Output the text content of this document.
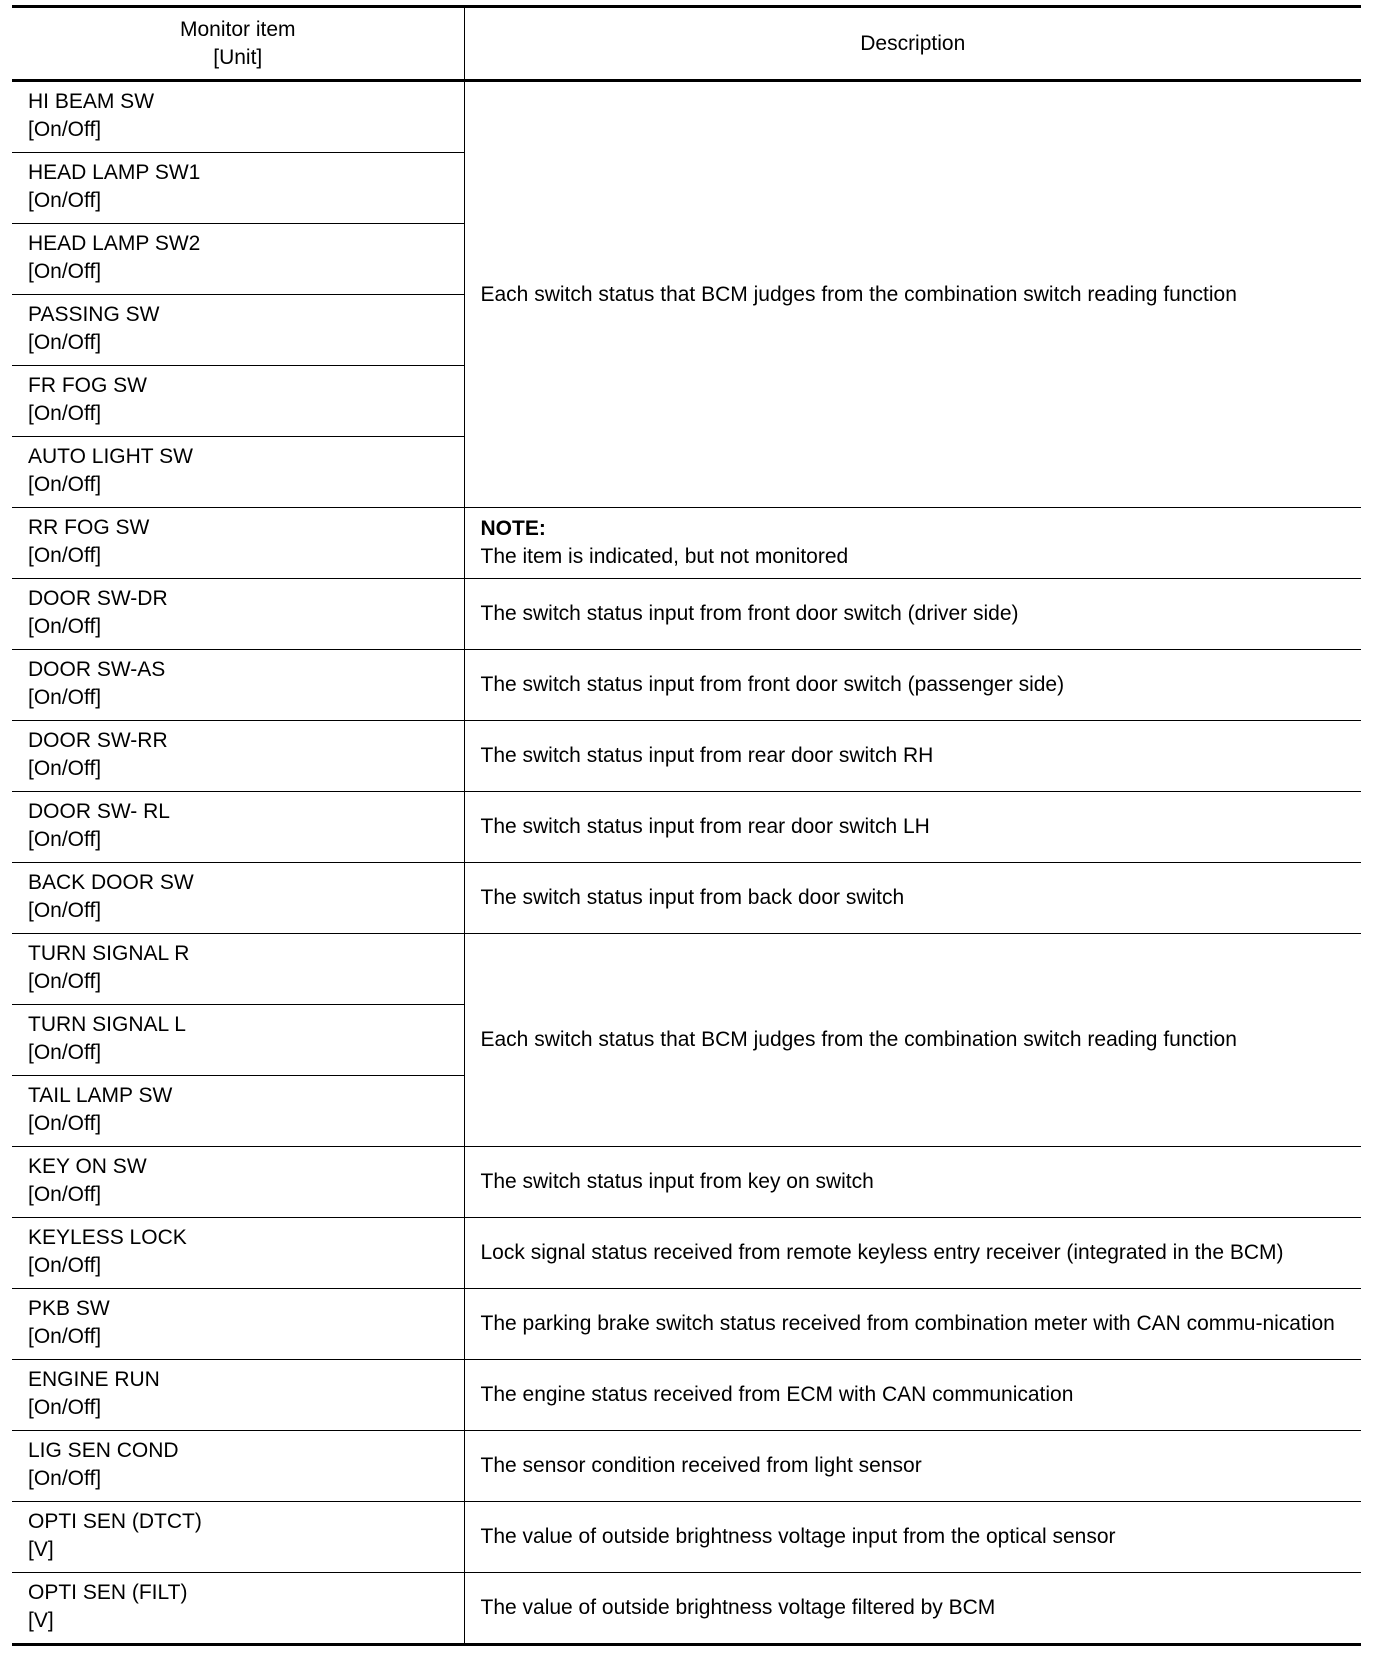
Monitor item
[Unit]	Description
HI BEAM SW
[On/Off]	Each switch status that BCM judges from the combination switch reading function
HEAD LAMP SW1
[On/Off]	
HEAD LAMP SW2
[On/Off]	
PASSING SW
[On/Off]	
FR FOG SW
[On/Off]	
AUTO LIGHT SW
[On/Off]	
RR FOG SW
[On/Off]	NOTE:
The item is indicated, but not monitored
DOOR SW-DR
[On/Off]	The switch status input from front door switch (driver side)
DOOR SW-AS
[On/Off]	The switch status input from front door switch (passenger side)
DOOR SW-RR
[On/Off]	The switch status input from rear door switch RH
DOOR SW- RL
[On/Off]	The switch status input from rear door switch LH
BACK DOOR SW
[On/Off]	The switch status input from back door switch
TURN SIGNAL R
[On/Off]	Each switch status that BCM judges from the combination switch reading function
TURN SIGNAL L
[On/Off]	
TAIL LAMP SW
[On/Off]	
KEY ON SW
[On/Off]	The switch status input from key on switch
KEYLESS LOCK
[On/Off]	Lock signal status received from remote keyless entry receiver (integrated in the BCM)
PKB SW
[On/Off]	The parking brake switch status received from combination meter with CAN commu-nication
ENGINE RUN
[On/Off]	The engine status received from ECM with CAN communication
LIG SEN COND
[On/Off]	The sensor condition received from light sensor
OPTI SEN (DTCT)
[V]	The value of outside brightness voltage input from the optical sensor
OPTI SEN (FILT)
[V]	The value of outside brightness voltage filtered by BCM
